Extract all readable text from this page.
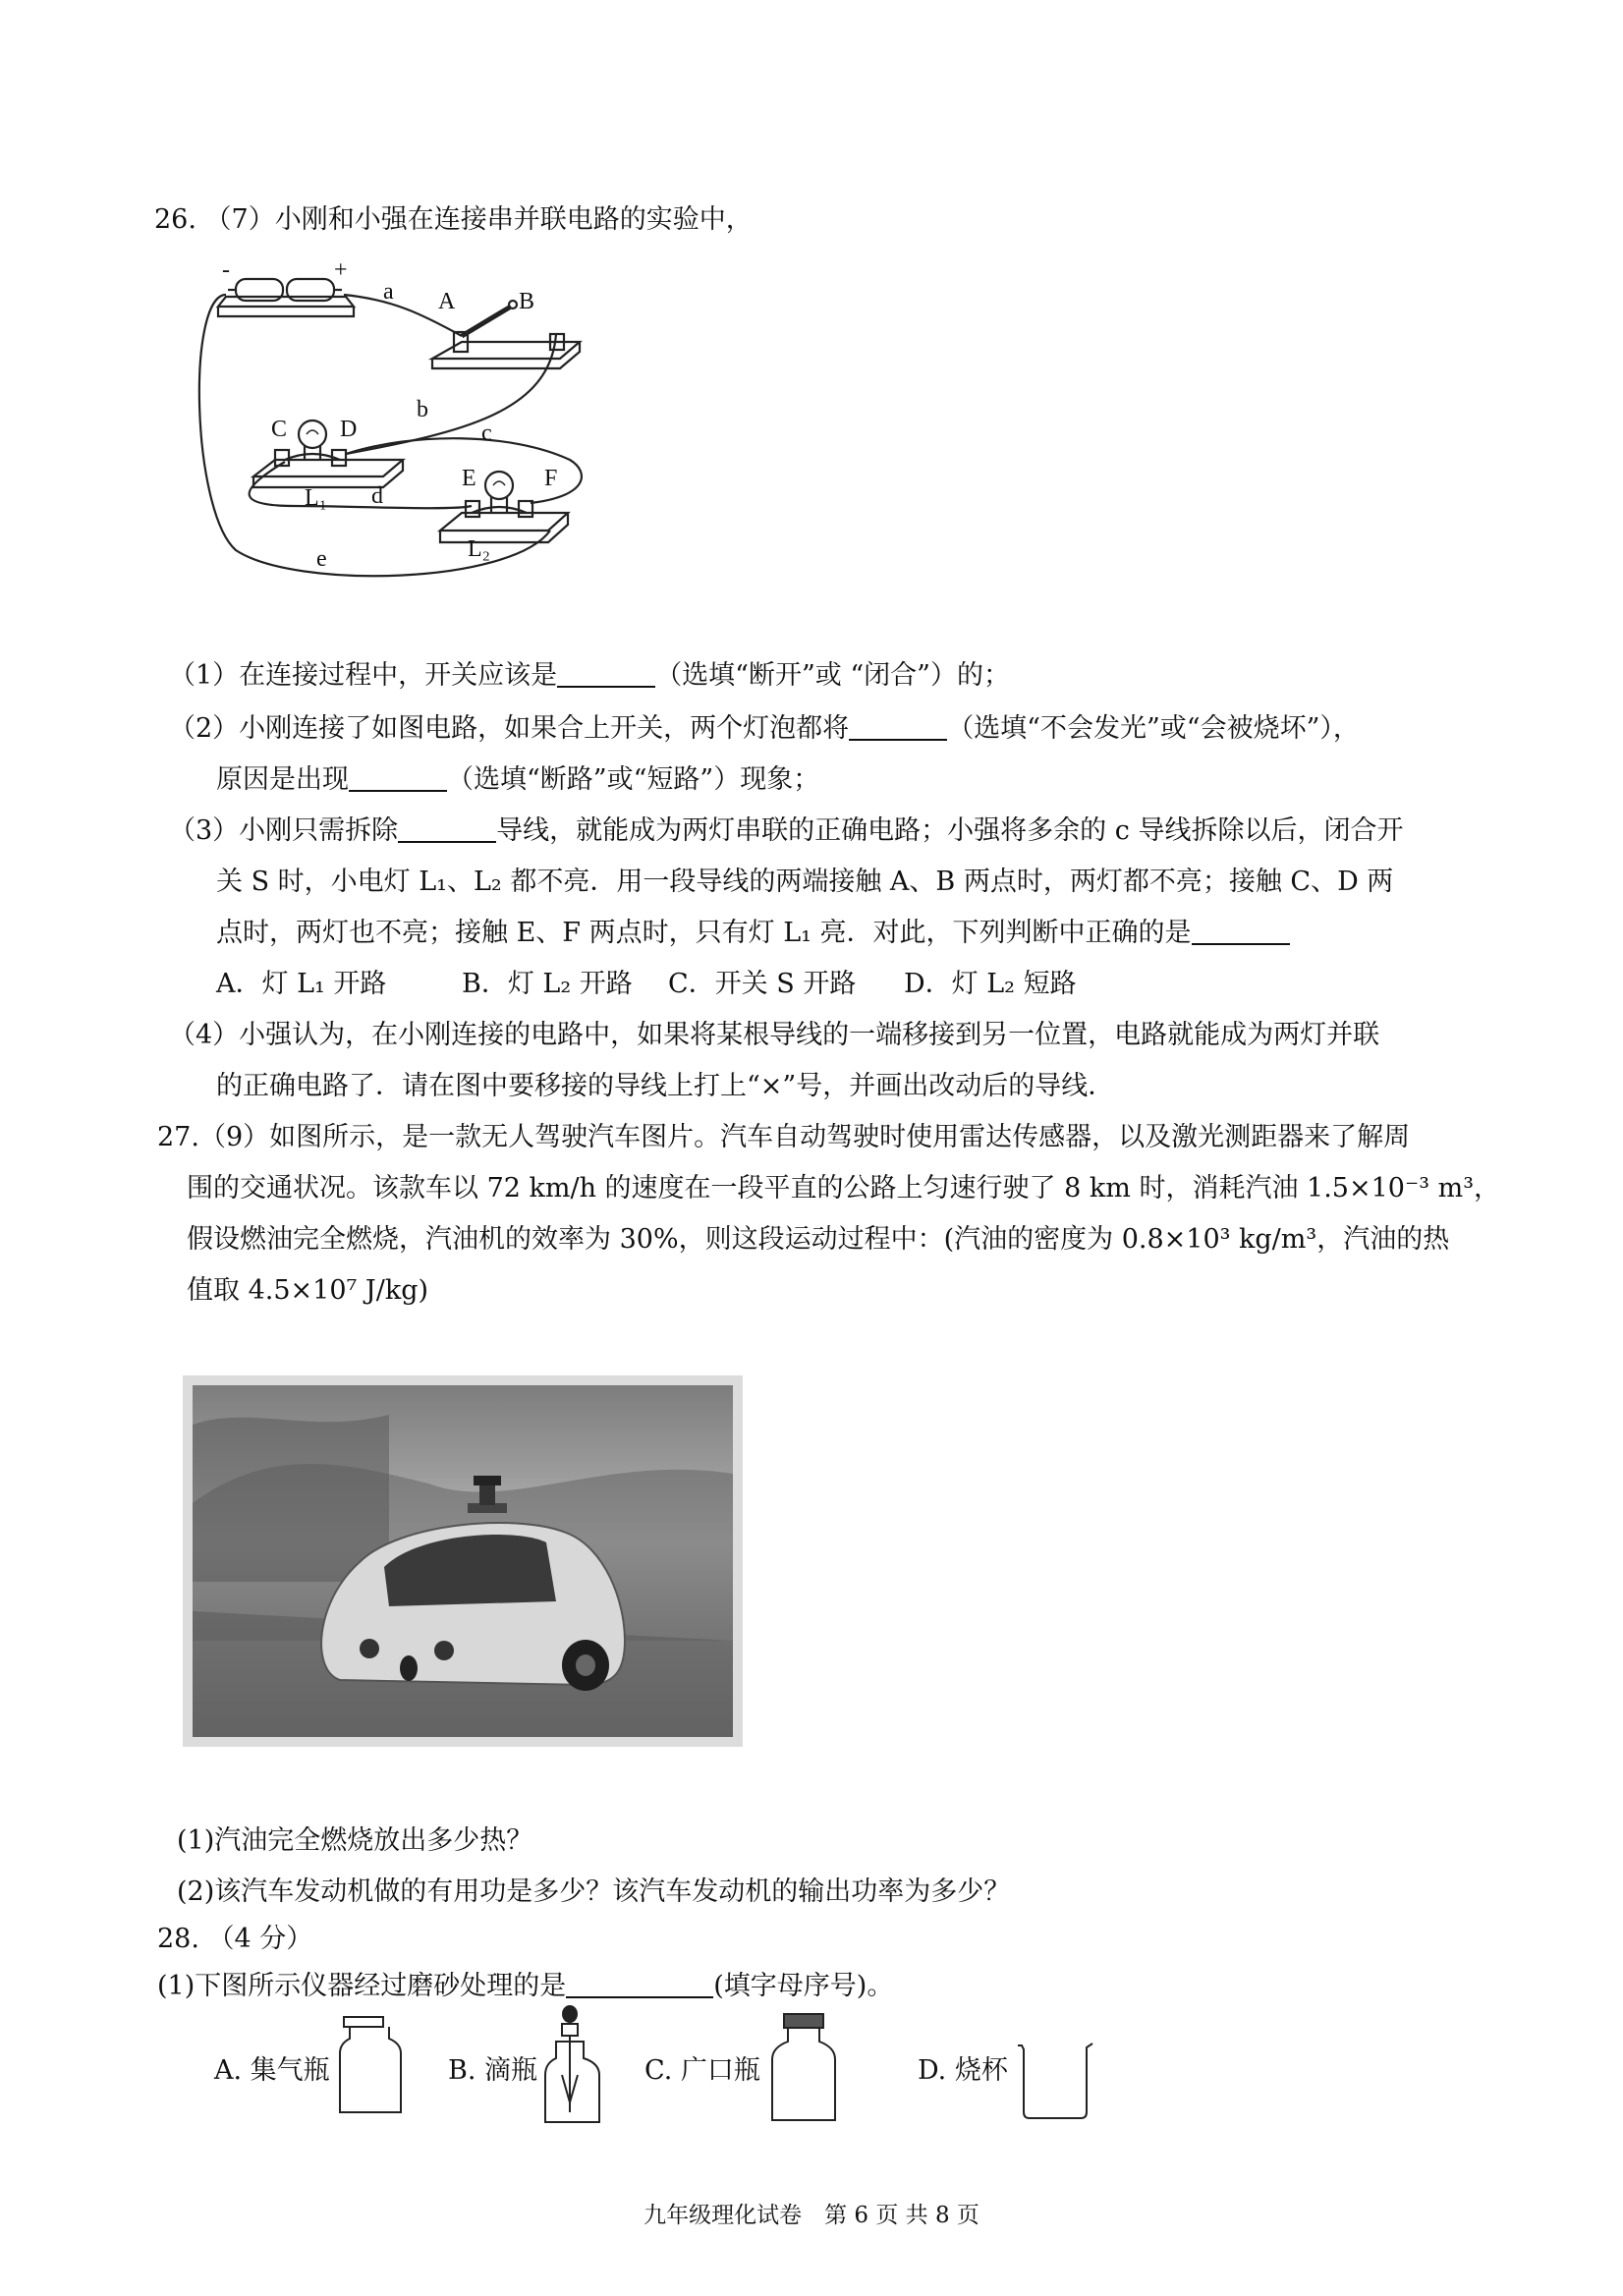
26. （7）小刚和小强在连接串并联电路的实验中，
-	+
a A	B
b
c
C D
E	F
d
L₁
L₂
e
（1）在连接过程中，开关应该是	（选填“断开”或 “闭合”）的；
（2）小刚连接了如图电路，如果合上开关，两个灯泡都将	（选填“不会发光”或“会被烧坏”），
原因是出现	（选填“断路”或“短路”）现象；
（3）小刚只需拆除	导线，就能成为两灯串联的正确电路；小强将多余的 c 导线拆除以后，闭合开
关 S 时，小电灯 L₁、L₂ 都不亮．用一段导线的两端接触 A、B 两点时，两灯都不亮；接触 C、D 两
点时，两灯也不亮；接触 E、F 两点时，只有灯 L₁ 亮．对此，下列判断中正确的是
A．灯 L₁ 开路	B．灯 L₂ 开路 C．开关 S 开路 D．灯 L₂ 短路
（4）小强认为，在小刚连接的电路中，如果将某根导线的一端移接到另一位置，电路就能成为两灯并联
的正确电路了．请在图中要移接的导线上打上“×”号，并画出改动后的导线．
27.（9）如图所示，是一款无人驾驶汽车图片。汽车自动驾驶时使用雷达传感器，以及激光测距器来了解周
围的交通状况。该款车以 72 km/h 的速度在一段平直的公路上匀速行驶了 8 km 时，消耗汽油 1.5×10⁻³ m³，
假设燃油完全燃烧，汽油机的效率为 30%，则这段运动过程中：(汽油的密度为 0.8×10³ kg/m³，汽油的热
值取 4.5×10⁷ J/kg)
(1)汽油完全燃烧放出多少热？
(2)该汽车发动机做的有用功是多少？该汽车发动机的输出功率为多少？
28. （4 分）
(1)下图所示仪器经过磨砂处理的是	(填字母序号)。
A. 集气瓶	B. 滴瓶	C. 广口瓶	D. 烧杯
九年级理化试卷　第 6 页 共 8 页
